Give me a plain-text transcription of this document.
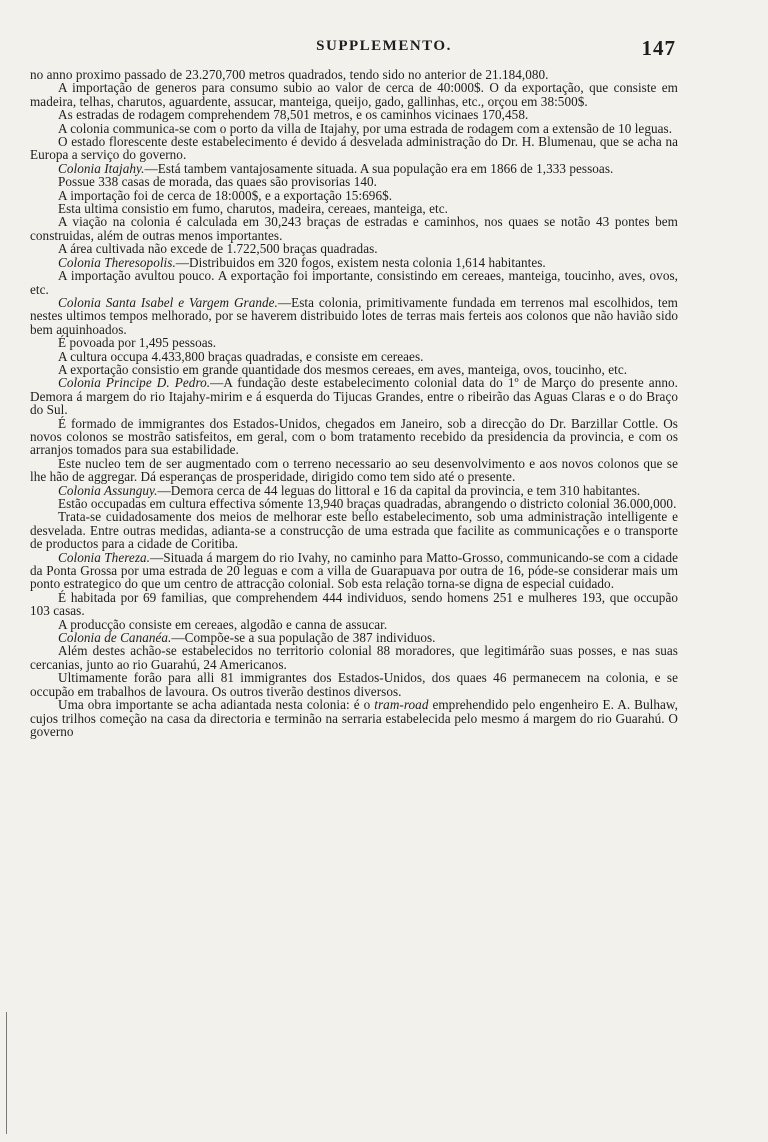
SUPPLEMENTO.	147

no anno proximo passado de 23.270,700 metros quadrados, tendo sido no anterior de 21.184,080.

A importação de generos para consumo subio ao valor de cerca de 40:000$. O da exportação, que consiste em madeira, telhas, charutos, aguardente, assucar, manteiga, queijo, gado, gallinhas, etc., orçou em 38:500$.

As estradas de rodagem comprehendem 78,501 metros, e os caminhos vicinaes 170,458.

A colonia communica-se com o porto da villa de Itajahy, por uma estrada de rodagem com a extensão de 10 leguas.

O estado florescente deste estabelecimento é devido á desvelada administração do Dr. H. Blumenau, que se acha na Europa a serviço do governo.

Colonia Itajahy.—Está tambem vantajosamente situada. A sua população era em 1866 de 1,333 pessoas.

Possue 338 casas de morada, das quaes são provisorias 140.

A importação foi de cerca de 18:000$, e a exportação 15:696$.

Esta ultima consistio em fumo, charutos, madeira, cereaes, manteiga, etc.

A viação na colonia é calculada em 30,243 braças de estradas e caminhos, nos quaes se notão 43 pontes bem construidas, além de outras menos importantes.

A área cultivada não excede de 1.722,500 braças quadradas.

Colonia Theresopolis.—Distribuidos em 320 fogos, existem nesta colonia 1,614 habitantes.

A importação avultou pouco. A exportação foi importante, consistindo em cereaes, manteiga, toucinho, aves, ovos, etc.

Colonia Santa Isabel e Vargem Grande.—Esta colonia, primitivamente fundada em terrenos mal escolhidos, tem nestes ultimos tempos melhorado, por se haverem distribuido lotes de terras mais ferteis aos colonos que não havião sido bem aquinhoados.

É povoada por 1,495 pessoas.

A cultura occupa 4.433,800 braças quadradas, e consiste em cereaes.

A exportação consistio em grande quantidade dos mesmos cereaes, em aves, manteiga, ovos, toucinho, etc.

Colonia Principe D. Pedro.—A fundação deste estabelecimento colonial data do 1º de Março do presente anno. Demora á margem do rio Itajahy-mirim e á esquerda do Tijucas Grandes, entre o ribeirão das Aguas Claras e o do Braço do Sul.

É formado de immigrantes dos Estados-Unidos, chegados em Janeiro, sob a direcção do Dr. Barzillar Cottle. Os novos colonos se mostrão satisfeitos, em geral, com o bom tratamento recebido da presidencia da provincia, e com os arranjos tomados para sua estabilidade.

Este nucleo tem de ser augmentado com o terreno necessario ao seu desenvolvimento e aos novos colonos que se lhe hão de aggregar. Dá esperanças de prosperidade, dirigido como tem sido até o presente.

Colonia Assunguy.—Demora cerca de 44 leguas do littoral e 16 da capital da provincia, e tem 310 habitantes.

Estão occupadas em cultura effectiva sómente 13,940 braças quadradas, abrangendo o districto colonial 36.000,000.

Trata-se cuidadosamente dos meios de melhorar este bello estabelecimento, sob uma administração intelligente e desvelada. Entre outras medidas, adianta-se a construcção de uma estrada que facilite as communicações e o transporte de productos para a cidade de Coritiba.

Colonia Thereza.—Situada á margem do rio Ivahy, no caminho para Matto-Grosso, communicando-se com a cidade da Ponta Grossa por uma estrada de 20 leguas e com a villa de Guarapuava por outra de 16, póde-se considerar mais um ponto estrategico do que um centro de attracção colonial. Sob esta relação torna-se digna de especial cuidado.

É habitada por 69 familias, que comprehendem 444 individuos, sendo homens 251 e mulheres 193, que occupão 103 casas.

A producção consiste em cereaes, algodão e canna de assucar.

Colonia de Cananéa.—Compõe-se a sua população de 387 individuos.

Além destes achão-se estabelecidos no territorio colonial 88 moradores, que legitimárão suas posses, e nas suas cercanias, junto ao rio Guarahú, 24 Americanos.

Ultimamente forão para alli 81 immigrantes dos Estados-Unidos, dos quaes 46 permanecem na colonia, e se occupão em trabalhos de lavoura. Os outros tiverão destinos diversos.

Uma obra importante se acha adiantada nesta colonia: é o tram-road emprehendido pelo engenheiro E. A. Bulhaw, cujos trilhos começão na casa da directoria e terminão na serraria estabelecida pelo mesmo á margem do rio Guarahú. O governo
